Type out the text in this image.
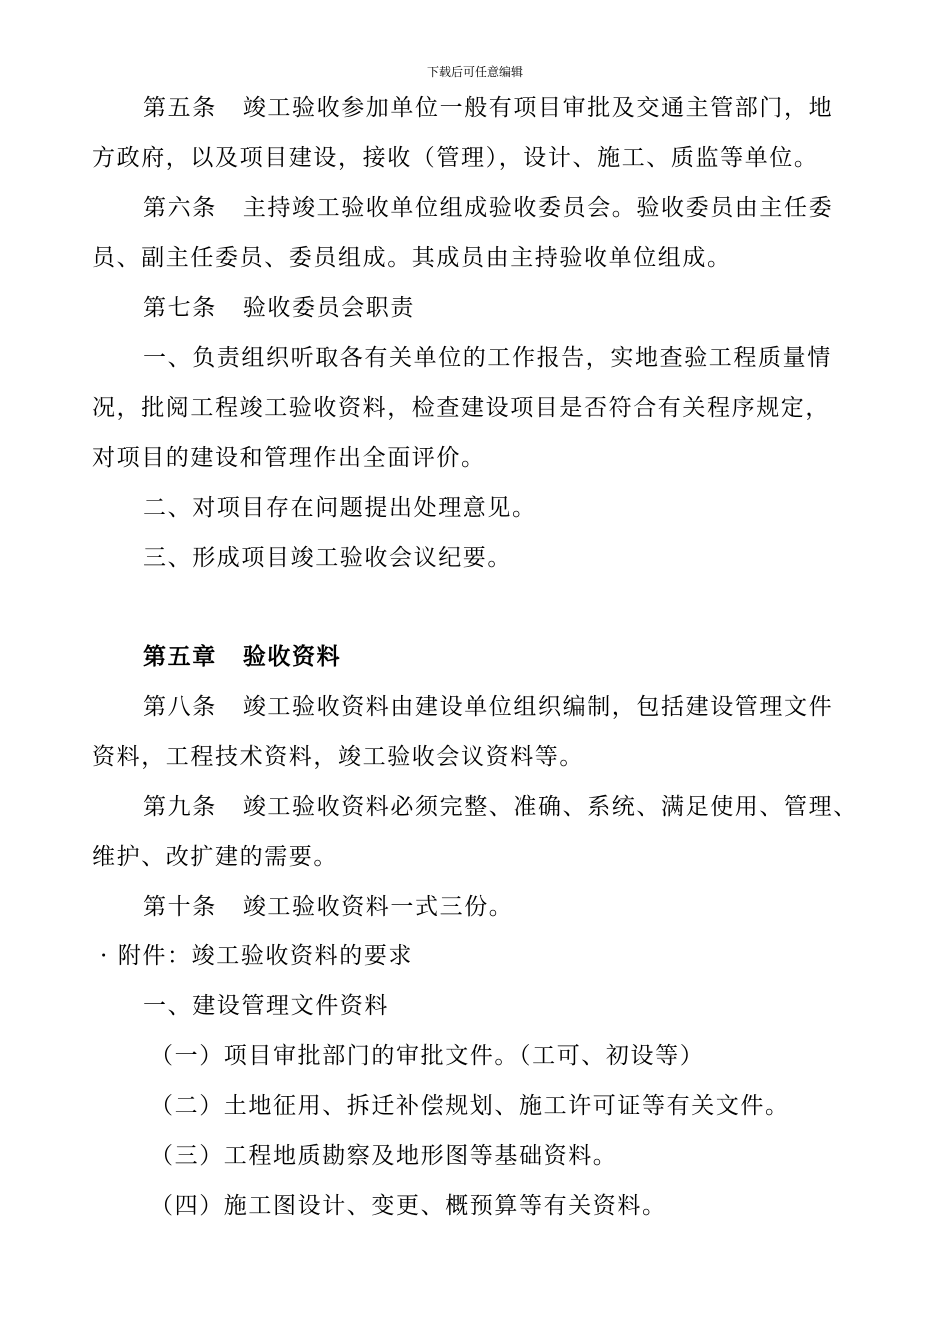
下载后可任意编辑
第五条 竣工验收参加单位一般有项目审批及交通主管部门，地
方政府，以及项目建设，接收（管理），设计、施工、质监等单位。
第六条 主持竣工验收单位组成验收委员会。验收委员由主任委
员、副主任委员、委员组成。其成员由主持验收单位组成。
第七条 验收委员会职责
一、负责组织听取各有关单位的工作报告，实地查验工程质量情
况，批阅工程竣工验收资料，检查建设项目是否符合有关程序规定，
对项目的建设和管理作出全面评价。
二、对项目存在问题提出处理意见。
三、形成项目竣工验收会议纪要。
第五章 验收资料
第八条 竣工验收资料由建设单位组织编制，包括建设管理文件
资料，工程技术资料，竣工验收会议资料等。
第九条 竣工验收资料必须完整、准确、系统、满足使用、管理、
维护、改扩建的需要。
第十条 竣工验收资料一式三份。
· 附件：竣工验收资料的要求
一、建设管理文件资料
（一）项目审批部门的审批文件。（工可、初设等）
（二）土地征用、拆迁补偿规划、施工许可证等有关文件。
（三）工程地质勘察及地形图等基础资料。
（四）施工图设计、变更、概预算等有关资料。
